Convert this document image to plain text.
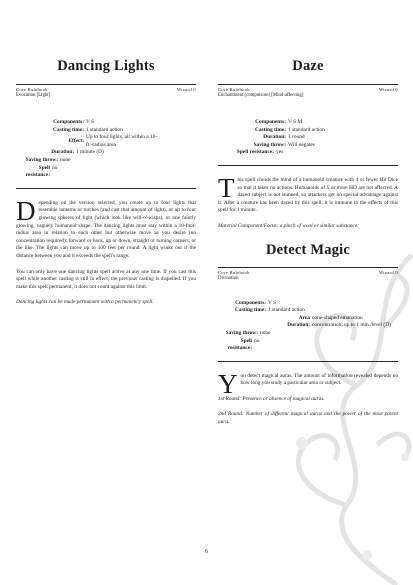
Dancing Lights
Core Rulebook	Wizard 0
Evocation [Light]
Components: V S
Casting time: 1 standard action
Effect:
Up to four lights, all within a 10-ft.-radius area
Duration: 1 minute (D)
Saving throw: none
Spell resistance:
no

Depending on the version selected, you create up to four lights that resemble lanterns or torches (and cast that amount of light), or up to four glowing spheres of light (which look like will-o'-wisps), or one faintly glowing, vaguely humanoid shape. The dancing lights must stay within a 10-foot-radius area in relation to each other but otherwise move as you desire (no concentration required): forward or back, up or down, straight or turning corners, or the like. The lights can move up to 100 feet per round. A light winks out if the distance between you and it exceeds the spell's range.

You can only have one dancing lights spell active at any one time. If you cast this spell while another casting is still in effect, the previous casting is dispelled. If you make this spell permanent, it does not count against this limit.

Dancing lights can be made permanent with a permanency spell.

Daze
Core Rulebook	Wizard 0
Enchantment (compulsion) [Mind-affecting]
Components: V S M
Casting time: 1 standard action
Duration: 1 round
Saving throw: Will negates
Spell resistance: yes

This spell clouds the mind of a humanoid creature with 4 or fewer Hit Dice so that it takes no actions. Humanoids of 5 or more HD are not affected. A dazed subject is not stunned, so attackers get no special advantage against it. After a creature has been dazed by this spell, it is immune to the effects of this spell for 1 minute.

Material Component/Focus: a pinch of wool or similar substance.

Detect Magic
Core Rulebook	Wizard 0
Divination
Components: V S
Casting time: 1 standard action
Area cone-shaped emanation
Duration: concentration, up to 1 min./level (D)
Saving throw: none
Spell resistance:
no

You detect magical auras. The amount of information revealed depends on how long you study a particular area or subject.

1st Round: Presence or absence of magical auras.

2nd Round: Number of different magical auras and the power of the most potent aura.

6
